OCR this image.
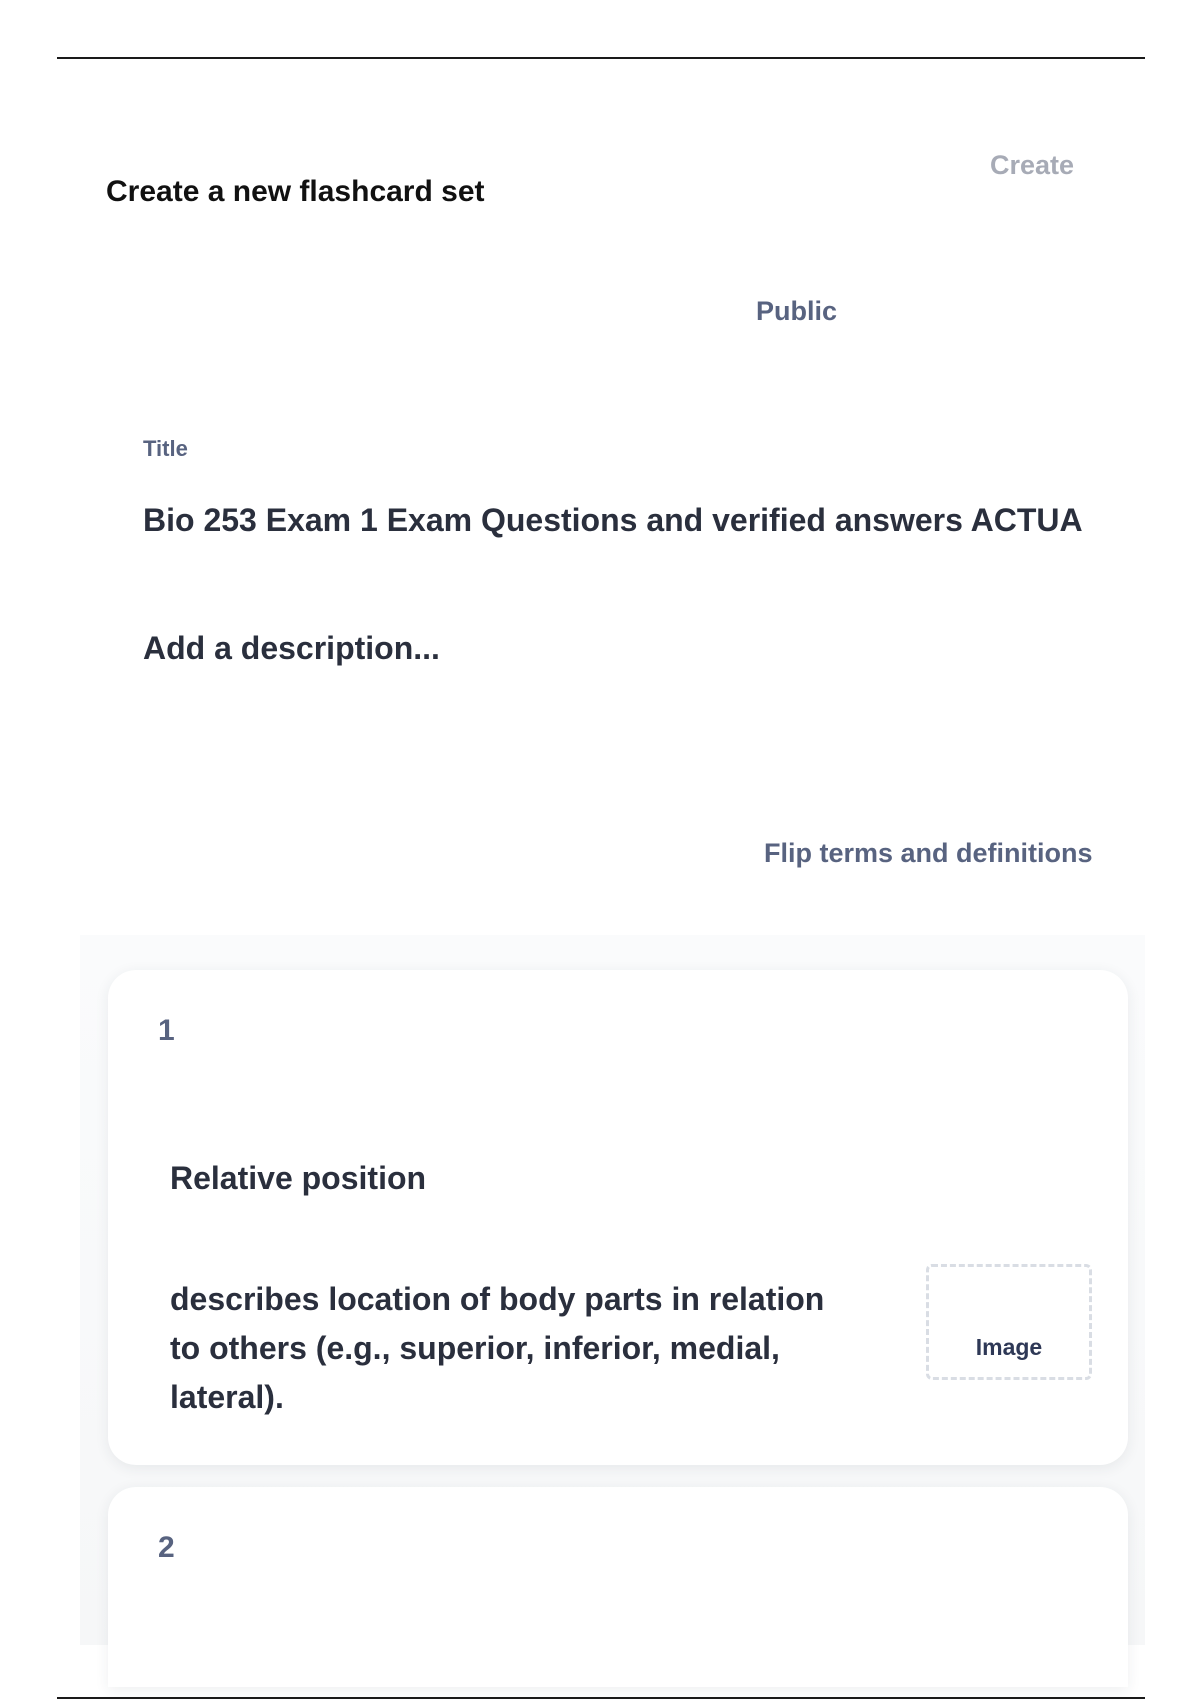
Create a new flashcard set
Create
Public
Title
Bio 253 Exam 1 Exam Questions and verified answers ACTUA
Add a description...
Flip terms and definitions
1
Relative position
describes location of body parts in relation to others (e.g., superior, inferior, medial, lateral).
Image
2
